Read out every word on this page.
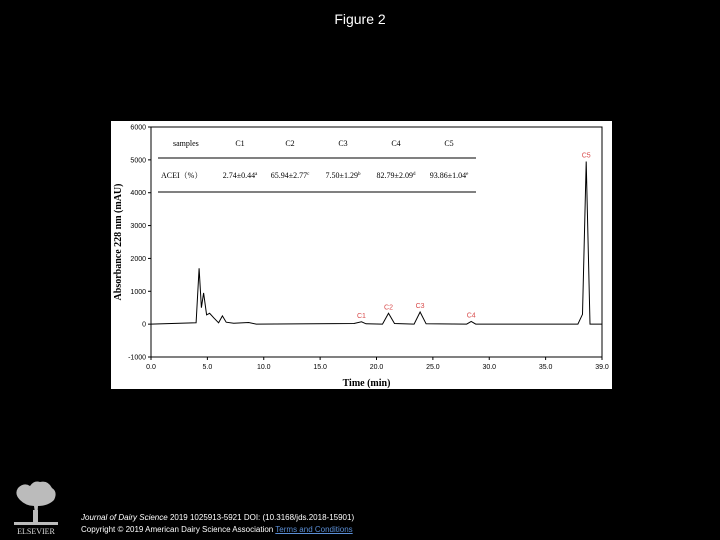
Figure 2
0.0	5.0	10.0	15.0	20.0	25.0	30.0	35.0	39.0
6000
5000
4000
3000
2000
1000
0
-1000
Time (min)
Absorbance 228 nm (mAU)
C1
C2	C3
C4
C5
samples	C1	C2	C3	C4	C5
ACEI（%）	2.74±0.44$^a$ 65.94±2.77$^c$ 7.50±1.29$^b$ 82.79±2.09$^d$ 93.86±1.04$^e$
ELSEVIER
Journal of Dairy Science 2019 1025913-5921 DOI: (10.3168/jds.2018-15901)
Copyright © 2019 American Dairy Science Association Terms and Conditions
